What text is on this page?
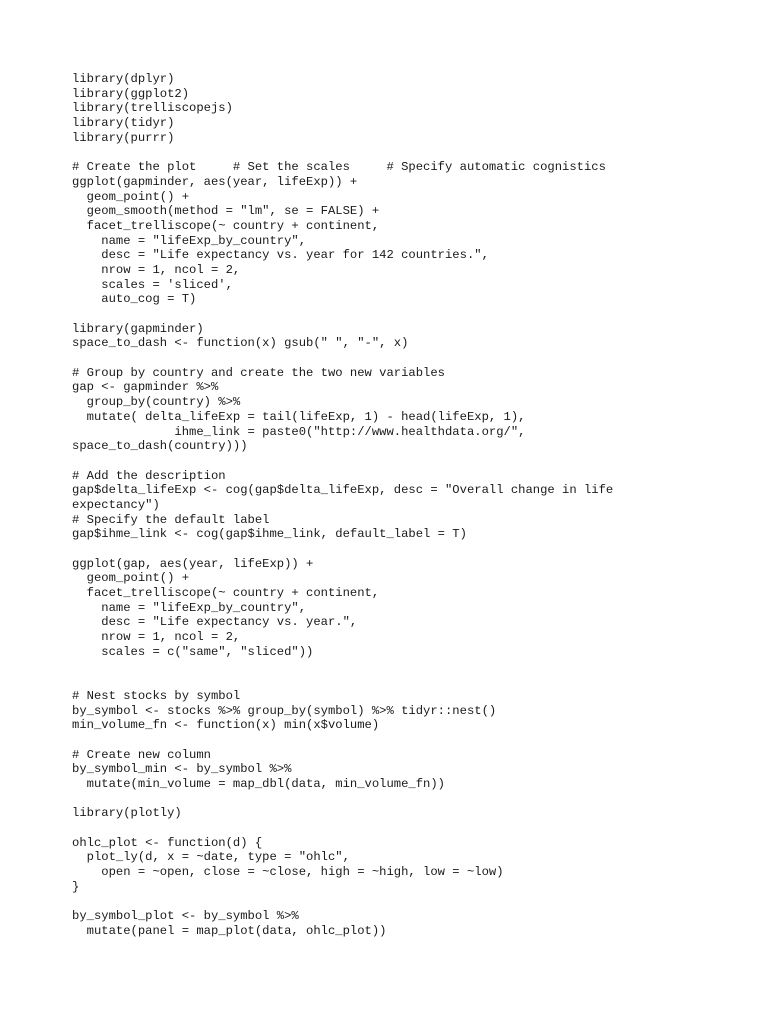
library(dplyr)
library(ggplot2)
library(trelliscopejs)
library(tidyr)
library(purrr)
# Create the plot     # Set the scales     # Specify automatic cognistics
ggplot(gapminder, aes(year, lifeExp)) +
geom_point() +
geom_smooth(method = "lm", se = FALSE) +
facet_trelliscope(~ country + continent,
name = "lifeExp_by_country",
desc = "Life expectancy vs. year for 142 countries.",
nrow = 1, ncol = 2,
scales = 'sliced',
auto_cog = T)
library(gapminder)
space_to_dash <- function(x) gsub(" ", "-", x)
# Group by country and create the two new variables
gap <- gapminder %>%
group_by(country) %>%
mutate( delta_lifeExp = tail(lifeExp, 1) - head(lifeExp, 1),
ihme_link = paste0("http://www.healthdata.org/",
space_to_dash(country)))
# Add the description
gap$delta_lifeExp <- cog(gap$delta_lifeExp, desc = "Overall change in life
expectancy")
# Specify the default label
gap$ihme_link <- cog(gap$ihme_link, default_label = T)
ggplot(gap, aes(year, lifeExp)) +
geom_point() +
facet_trelliscope(~ country + continent,
name = "lifeExp_by_country",
desc = "Life expectancy vs. year.",
nrow = 1, ncol = 2,
scales = c("same", "sliced"))
# Nest stocks by symbol
by_symbol <- stocks %>% group_by(symbol) %>% tidyr::nest()
min_volume_fn <- function(x) min(x$volume)
# Create new column
by_symbol_min <- by_symbol %>%
mutate(min_volume = map_dbl(data, min_volume_fn))
library(plotly)
ohlc_plot <- function(d) {
plot_ly(d, x = ~date, type = "ohlc",
open = ~open, close = ~close, high = ~high, low = ~low)
}
by_symbol_plot <- by_symbol %>%
mutate(panel = map_plot(data, ohlc_plot))
